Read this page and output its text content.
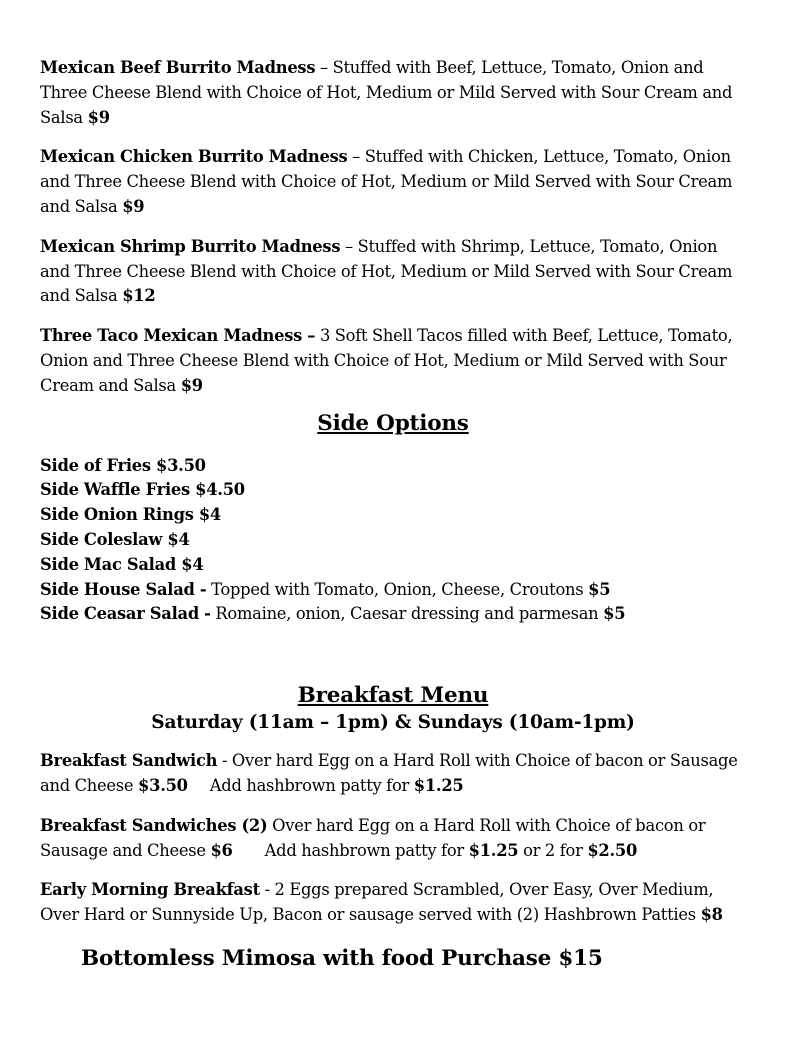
Mexican Beef Burrito Madness – Stuffed with Beef, Lettuce, Tomato, Onion and Three Cheese Blend with Choice of Hot, Medium or Mild Served with Sour Cream and Salsa $9

Mexican Chicken Burrito Madness – Stuffed with Chicken, Lettuce, Tomato, Onion and Three Cheese Blend with Choice of Hot, Medium or Mild Served with Sour Cream and Salsa $9

Mexican Shrimp Burrito Madness – Stuffed with Shrimp, Lettuce, Tomato, Onion and Three Cheese Blend with Choice of Hot, Medium or Mild Served with Sour Cream and Salsa $12

Three Taco Mexican Madness – 3 Soft Shell Tacos filled with Beef, Lettuce, Tomato, Onion and Three Cheese Blend with Choice of Hot, Medium or Mild Served with Sour Cream and Salsa $9

Side Options
Side of Fries $3.50
Side Waffle Fries $4.50
Side Onion Rings $4
Side Coleslaw $4
Side Mac Salad $4
Side House Salad - Topped with Tomato, Onion, Cheese, Croutons $5
Side Ceasar Salad - Romaine, onion, Caesar dressing and parmesan $5
Breakfast Menu
Saturday (11am – 1pm) & Sundays (10am-1pm)

Breakfast Sandwich - Over hard Egg on a Hard Roll with Choice of bacon or Sausage and Cheese $3.50 Add hashbrown patty for $1.25

Breakfast Sandwiches (2) Over hard Egg on a Hard Roll with Choice of bacon or Sausage and Cheese $6 Add hashbrown patty for $1.25 or 2 for $2.50

Early Morning Breakfast - 2 Eggs prepared Scrambled, Over Easy, Over Medium, Over Hard or Sunnyside Up, Bacon or sausage served with (2) Hashbrown Patties $8

Bottomless Mimosa with food Purchase $15
